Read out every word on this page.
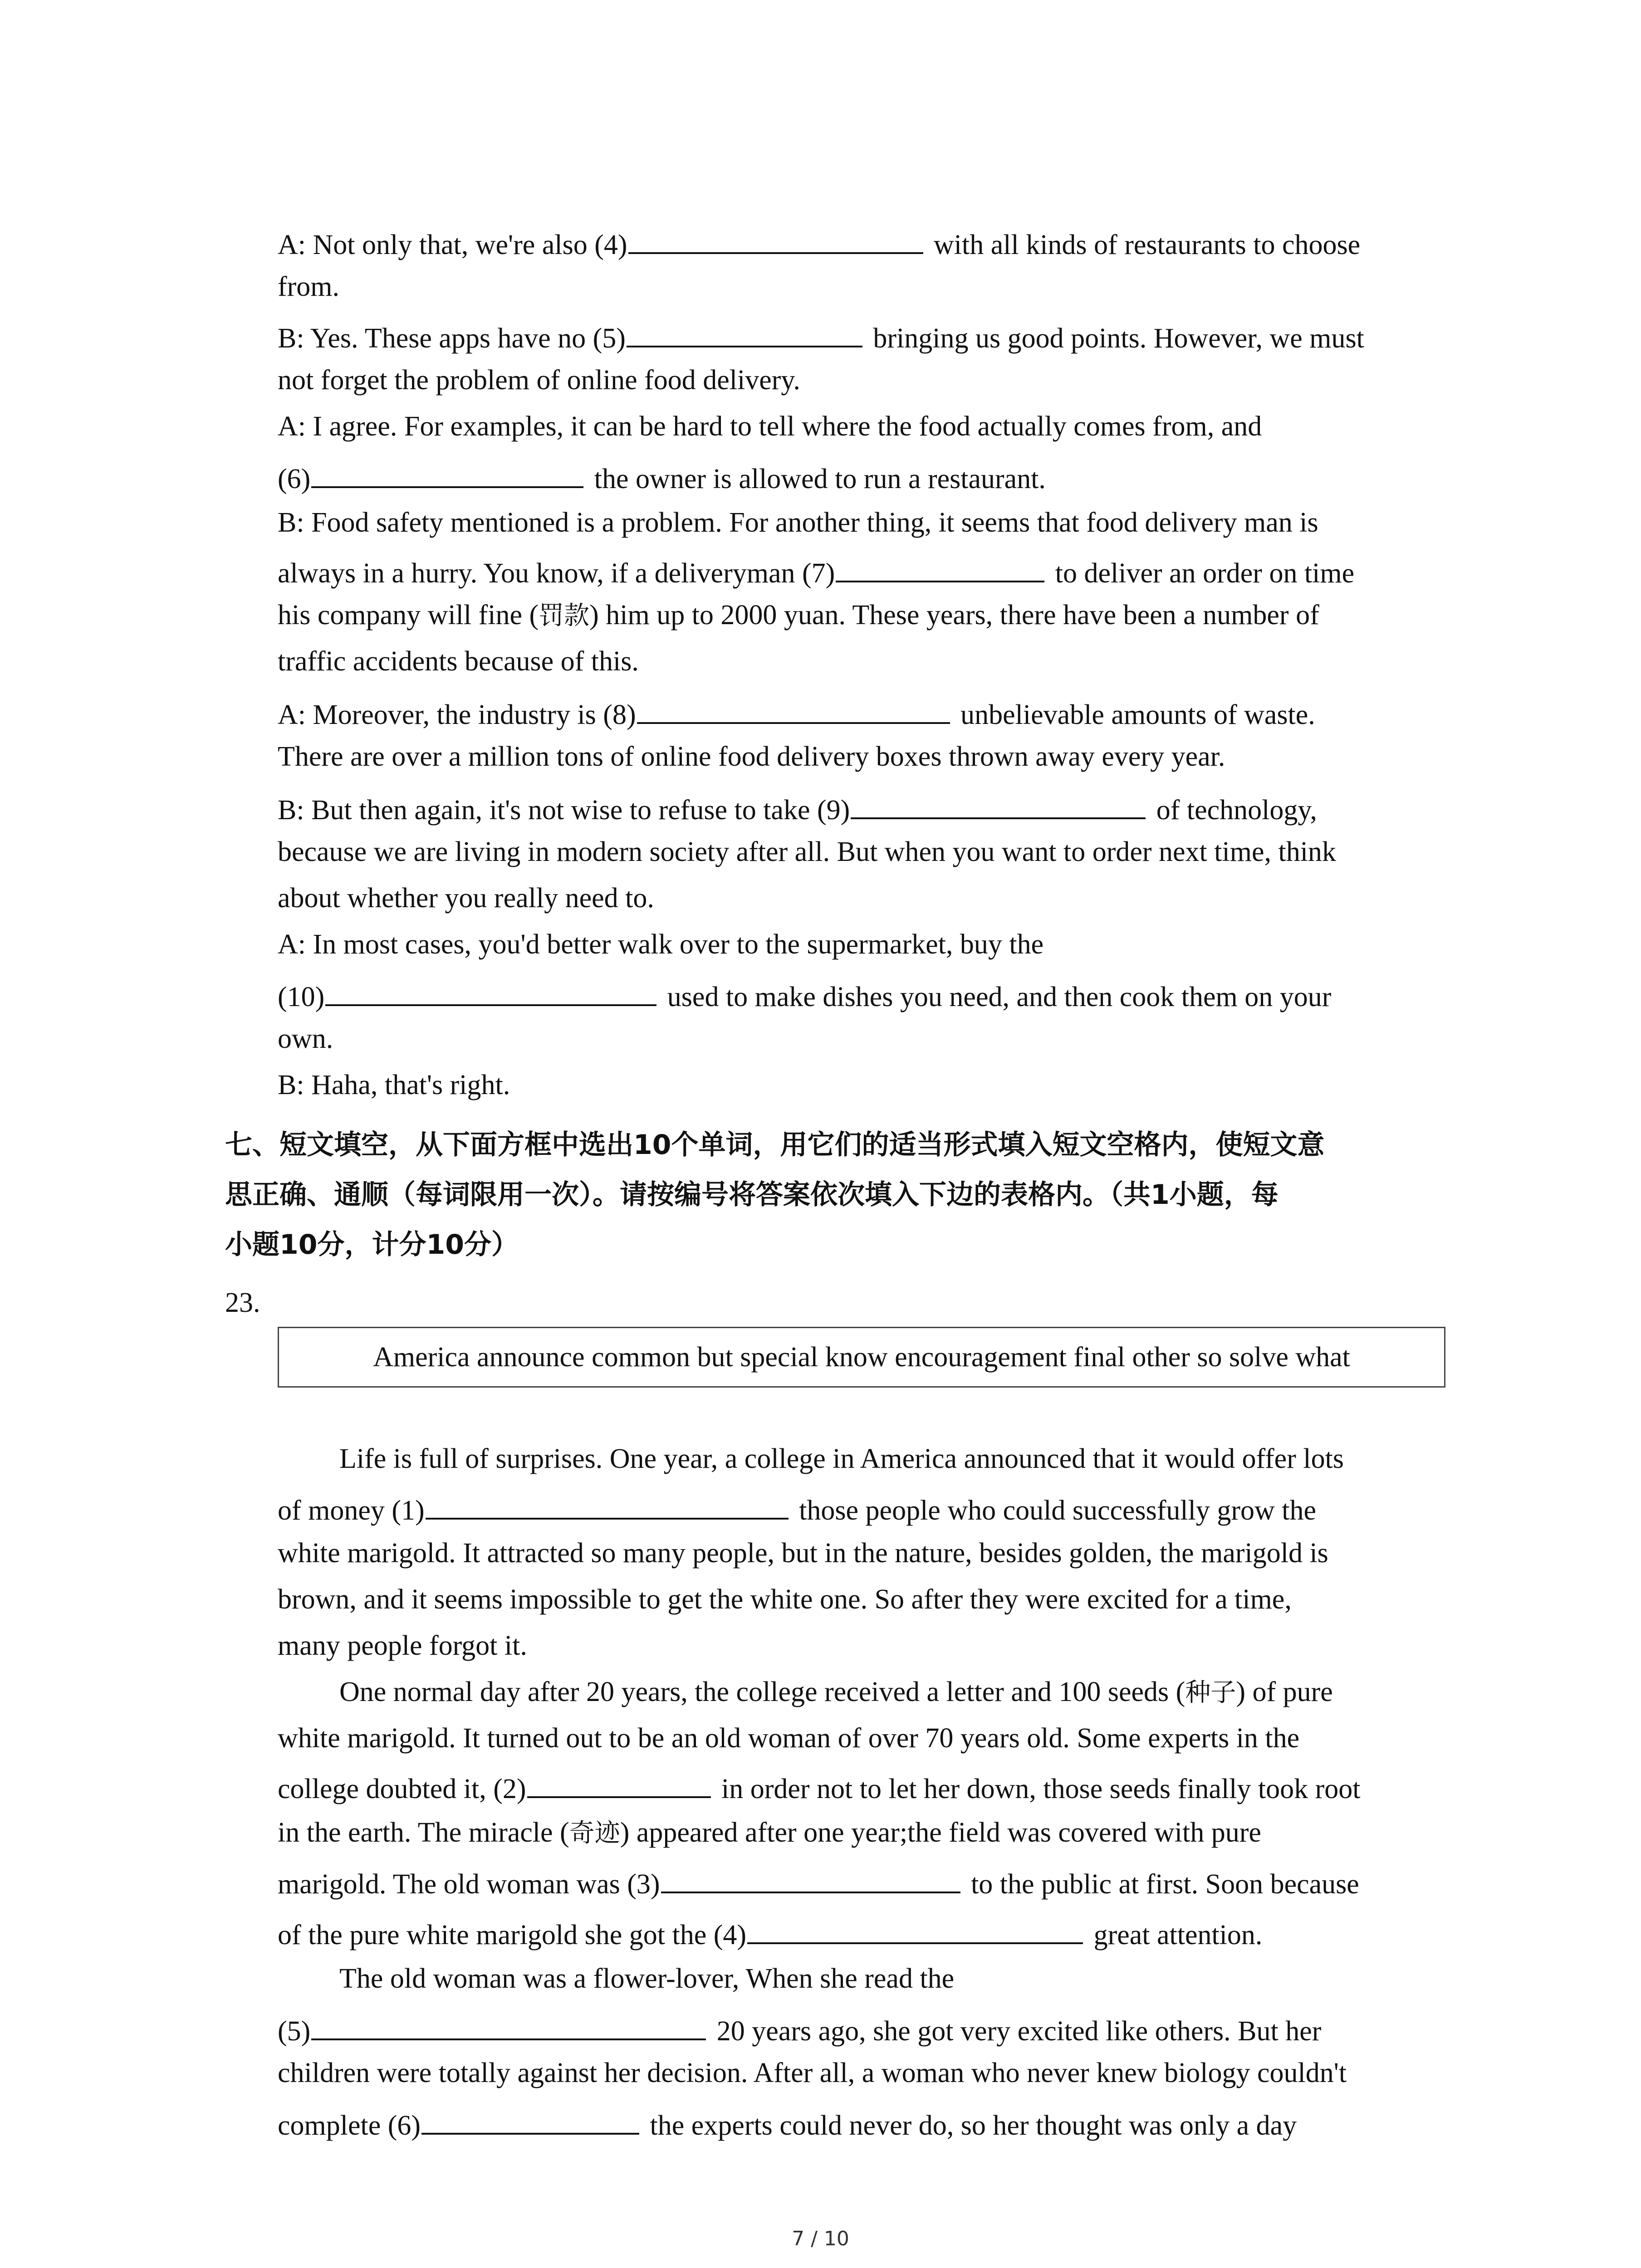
A: Not only that, we're also (4)	with all kinds of restaurants to choose
from.
B: Yes. These apps have no (5)	bringing us good points. However, we must
not forget the problem of online food delivery.
A: I agree. For examples, it can be hard to tell where the food actually comes from, and
(6)	the owner is allowed to run a restaurant.
B: Food safety mentioned is a problem. For another thing, it seems that food delivery man is
always in a hurry. You know, if a deliveryman (7)	to deliver an order on time
his company will fine (罚款) him up to 2000 yuan. These years, there have been a number of
traffic accidents because of this.
A: Moreover, the industry is (8)	unbelievable amounts of waste.
There are over a million tons of online food delivery boxes thrown away every year.
B: But then again, it's not wise to refuse to take (9)	of technology,
because we are living in modern society after all. But when you want to order next time, think
about whether you really need to.
A: In most cases, you'd better walk over to the supermarket, buy the
(10)	used to make dishes you need, and then cook them on your
own.
B: Haha, that's right.
七、短文填空，从下面方框中选出10个单词，用它们的适当形式填入短文空格内，使短文意
思正确、通顺（每词限用一次）。请按编号将答案依次填入下边的表格内。（共1小题，每
小题10分，计分10分）
23.
America announce common but special know encouragement final other so solve what
Life is full of surprises. One year, a college in America announced that it would offer lots
of money (1)	those people who could successfully grow the
white marigold. It attracted so many people, but in the nature, besides golden, the marigold is
brown, and it seems impossible to get the white one. So after they were excited for a time,
many people forgot it.
One normal day after 20 years, the college received a letter and 100 seeds (种子) of pure
white marigold. It turned out to be an old woman of over 70 years old. Some experts in the
college doubted it, (2)	in order not to let her down, those seeds finally took root
in the earth. The miracle (奇迹) appeared after one year;the field was covered with pure
marigold. The old woman was (3)	to the public at first. Soon because
of the pure white marigold she got the (4)	great attention.
The old woman was a flower-lover, When she read the
(5)	20 years ago, she got very excited like others. But her
children were totally against her decision. After all, a woman who never knew biology couldn't
complete (6)	the experts could never do, so her thought was only a day
7 / 10
